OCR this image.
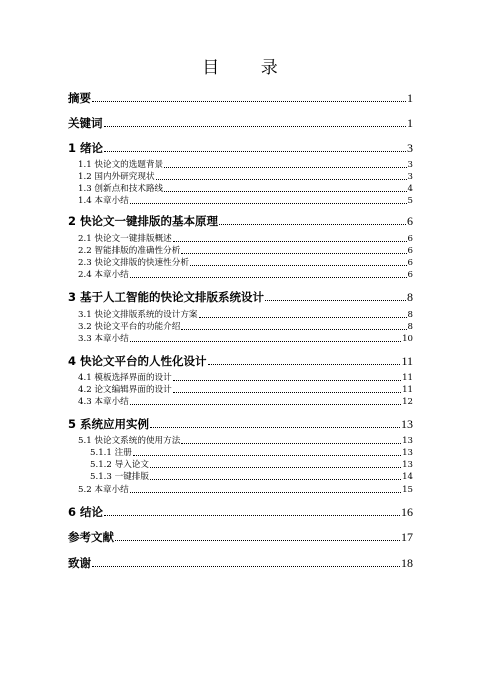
目 录
摘要	1
关键词	1
1 绪论	3
1.1 快论文的选题背景	3
1.2 国内外研究现状	3
1.3 创新点和技术路线	4
1.4 本章小结	5
2 快论文一键排版的基本原理	6
2.1 快论文一键排版概述	6
2.2 智能排版的准确性分析	6
2.3 快论文排版的快速性分析	6
2.4 本章小结	6
3 基于人工智能的快论文排版系统设计	8
3.1 快论文排版系统的设计方案	8
3.2 快论文平台的功能介绍	8
3.3 本章小结	10
4 快论文平台的人性化设计	11
4.1 模板选择界面的设计	11
4.2 论文编辑界面的设计	11
4.3 本章小结	12
5 系统应用实例	13
5.1 快论文系统的使用方法	13
5.1.1 注册	13
5.1.2 导入论文	13
5.1.3 一键排版	14
5.2 本章小结	15
6 结论	16
参考文献	17
致谢	18
